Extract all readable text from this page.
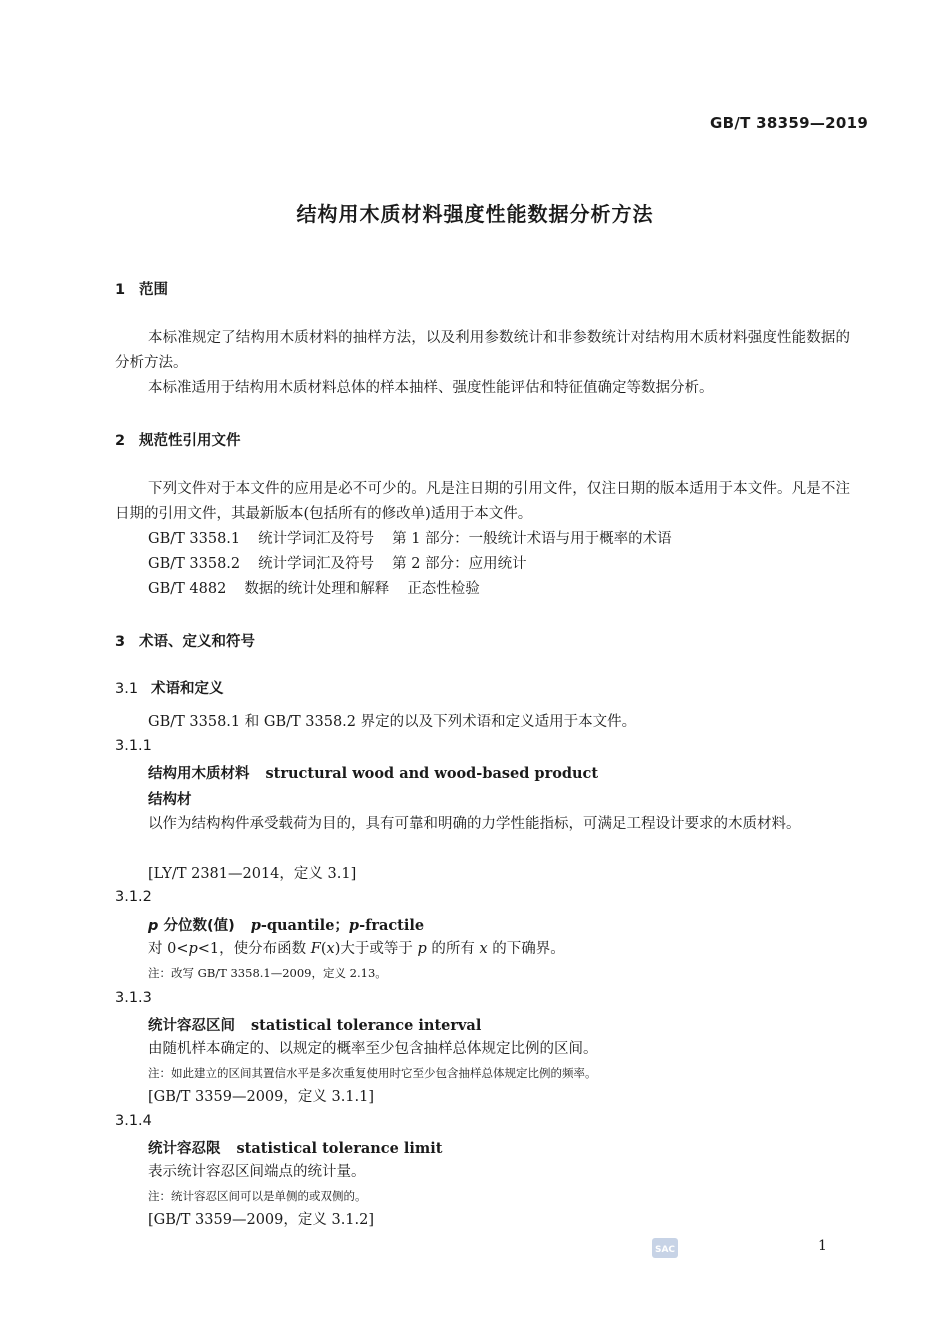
GB/T 38359—2019
结构用木质材料强度性能数据分析方法
1 范围
本标准规定了结构用木质材料的抽样方法，以及利用参数统计和非参数统计对结构用木质材料强度性能数据的分析方法。
本标准适用于结构用木质材料总体的样本抽样、强度性能评估和特征值确定等数据分析。
2 规范性引用文件
下列文件对于本文件的应用是必不可少的。凡是注日期的引用文件，仅注日期的版本适用于本文件。凡是不注日期的引用文件，其最新版本(包括所有的修改单)适用于本文件。
GB/T 3358.1 统计学词汇及符号 第 1 部分：一般统计术语与用于概率的术语
GB/T 3358.2 统计学词汇及符号 第 2 部分：应用统计
GB/T 4882 数据的统计处理和解释 正态性检验
3 术语、定义和符号
3.1 术语和定义
GB/T 3358.1 和 GB/T 3358.2 界定的以及下列术语和定义适用于本文件。
3.1.1
结构用木质材料 structural wood and wood-based product
结构材
以作为结构构件承受载荷为目的，具有可靠和明确的力学性能指标，可满足工程设计要求的木质材料。
[LY/T 2381—2014，定义 3.1]
3.1.2
p 分位数(值) p-quantile；p-fractile
对 0<p<1，使分布函数 F(x)大于或等于 p 的所有 x 的下确界。
注：改写 GB/T 3358.1—2009，定义 2.13。
3.1.3
统计容忍区间 statistical tolerance interval
由随机样本确定的、以规定的概率至少包含抽样总体规定比例的区间。
注：如此建立的区间其置信水平是多次重复使用时它至少包含抽样总体规定比例的频率。
[GB/T 3359—2009，定义 3.1.1]
3.1.4
统计容忍限 statistical tolerance limit
表示统计容忍区间端点的统计量。
注：统计容忍区间可以是单侧的或双侧的。
[GB/T 3359—2009，定义 3.1.2]
SAC	1
